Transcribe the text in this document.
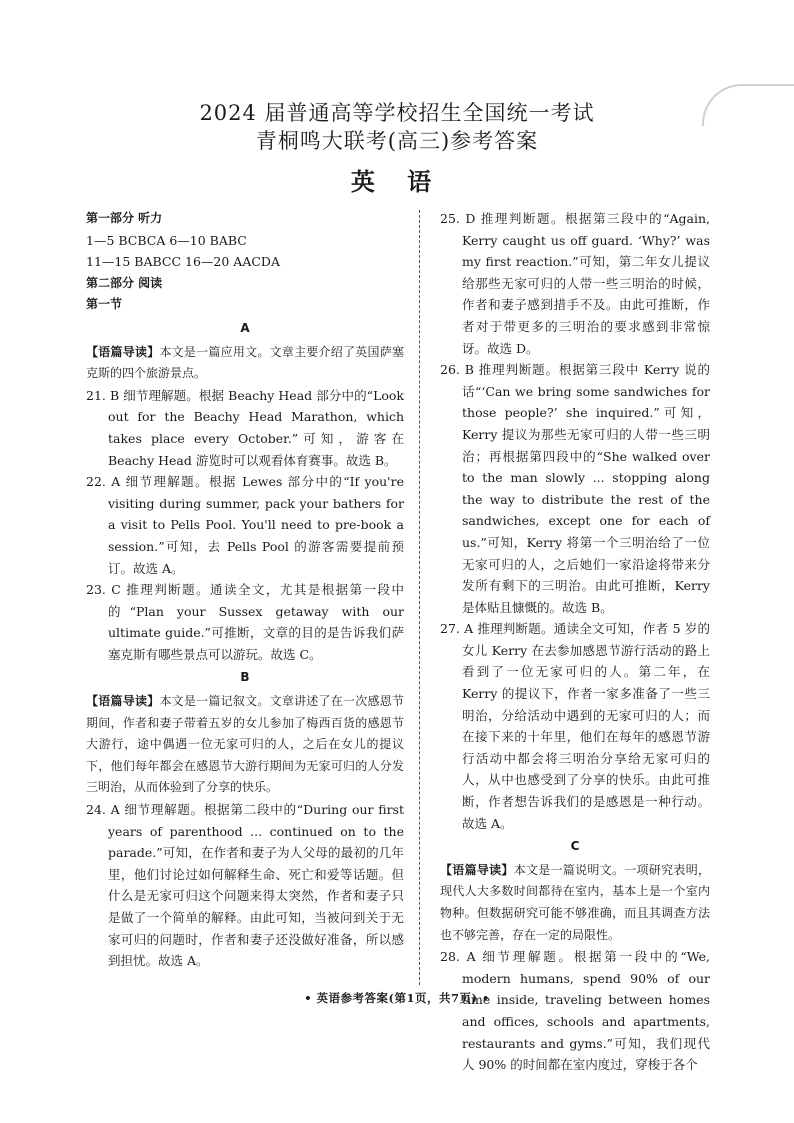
2024 届普通高等学校招生全国统一考试
青桐鸣大联考(高三)参考答案
英 语
第一部分 听力
1—5 BCBCA 6—10 BABC
11—15 BABCC 16—20 AACDA
第二部分 阅读
第一节
A
【语篇导读】本文是一篇应用文。文章主要介绍了英国萨塞克斯的四个旅游景点。
21. B 细节理解题。根据 Beachy Head 部分中的“Look out for the Beachy Head Marathon, which takes place every October.”可知，游客在 Beachy Head 游览时可以观看体育赛事。故选 B。
22. A 细节理解题。根据 Lewes 部分中的“If you're visiting during summer, pack your bathers for a visit to Pells Pool. You'll need to pre-book a session.”可知，去 Pells Pool 的游客需要提前预订。故选 A。
23. C 推理判断题。通读全文，尤其是根据第一段中的“Plan your Sussex getaway with our ultimate guide.”可推断，文章的目的是告诉我们萨塞克斯有哪些景点可以游玩。故选 C。
B
【语篇导读】本文是一篇记叙文。文章讲述了在一次感恩节期间，作者和妻子带着五岁的女儿参加了梅西百货的感恩节大游行，途中偶遇一位无家可归的人，之后在女儿的提议下，他们每年都会在感恩节大游行期间为无家可归的人分发三明治，从而体验到了分享的快乐。
24. A 细节理解题。根据第二段中的“During our first years of parenthood ... continued on to the parade.”可知，在作者和妻子为人父母的最初的几年里，他们讨论过如何解释生命、死亡和爱等话题。但什么是无家可归这个问题来得太突然，作者和妻子只是做了一个简单的解释。由此可知，当被问到关于无家可归的问题时，作者和妻子还没做好准备，所以感到担忧。故选 A。
25. D 推理判断题。根据第三段中的“Again, Kerry caught us off guard. ‘Why?’ was my first reaction.”可知，第二年女儿提议给那些无家可归的人带一些三明治的时候，作者和妻子感到措手不及。由此可推断，作者对于带更多的三明治的要求感到非常惊讶。故选 D。
26. B 推理判断题。根据第三段中 Kerry 说的话“‘Can we bring some sandwiches for those people?’ she inquired.”可知，Kerry 提议为那些无家可归的人带一些三明治；再根据第四段中的“She walked over to the man slowly ... stopping along the way to distribute the rest of the sandwiches, except one for each of us.”可知，Kerry 将第一个三明治给了一位无家可归的人，之后她们一家沿途将带来分发所有剩下的三明治。由此可推断，Kerry 是体贴且慷慨的。故选 B。
27. A 推理判断题。通读全文可知，作者 5 岁的女儿 Kerry 在去参加感恩节游行活动的路上看到了一位无家可归的人。第二年，在 Kerry 的提议下，作者一家多准备了一些三明治，分给活动中遇到的无家可归的人；而在接下来的十年里，他们在每年的感恩节游行活动中都会将三明治分享给无家可归的人，从中也感受到了分享的快乐。由此可推断，作者想告诉我们的是感恩是一种行动。故选 A。
C
【语篇导读】本文是一篇说明文。一项研究表明，现代人大多数时间都待在室内，基本上是一个室内物种。但数据研究可能不够准确，而且其调查方法也不够完善，存在一定的局限性。
28. A 细节理解题。根据第一段中的“We, modern humans, spend 90% of our time inside, traveling between homes and offices, schools and apartments, restaurants and gyms.”可知，我们现代人 90% 的时间都在室内度过，穿梭于各个
• 英语参考答案(第1页，共7页) •
